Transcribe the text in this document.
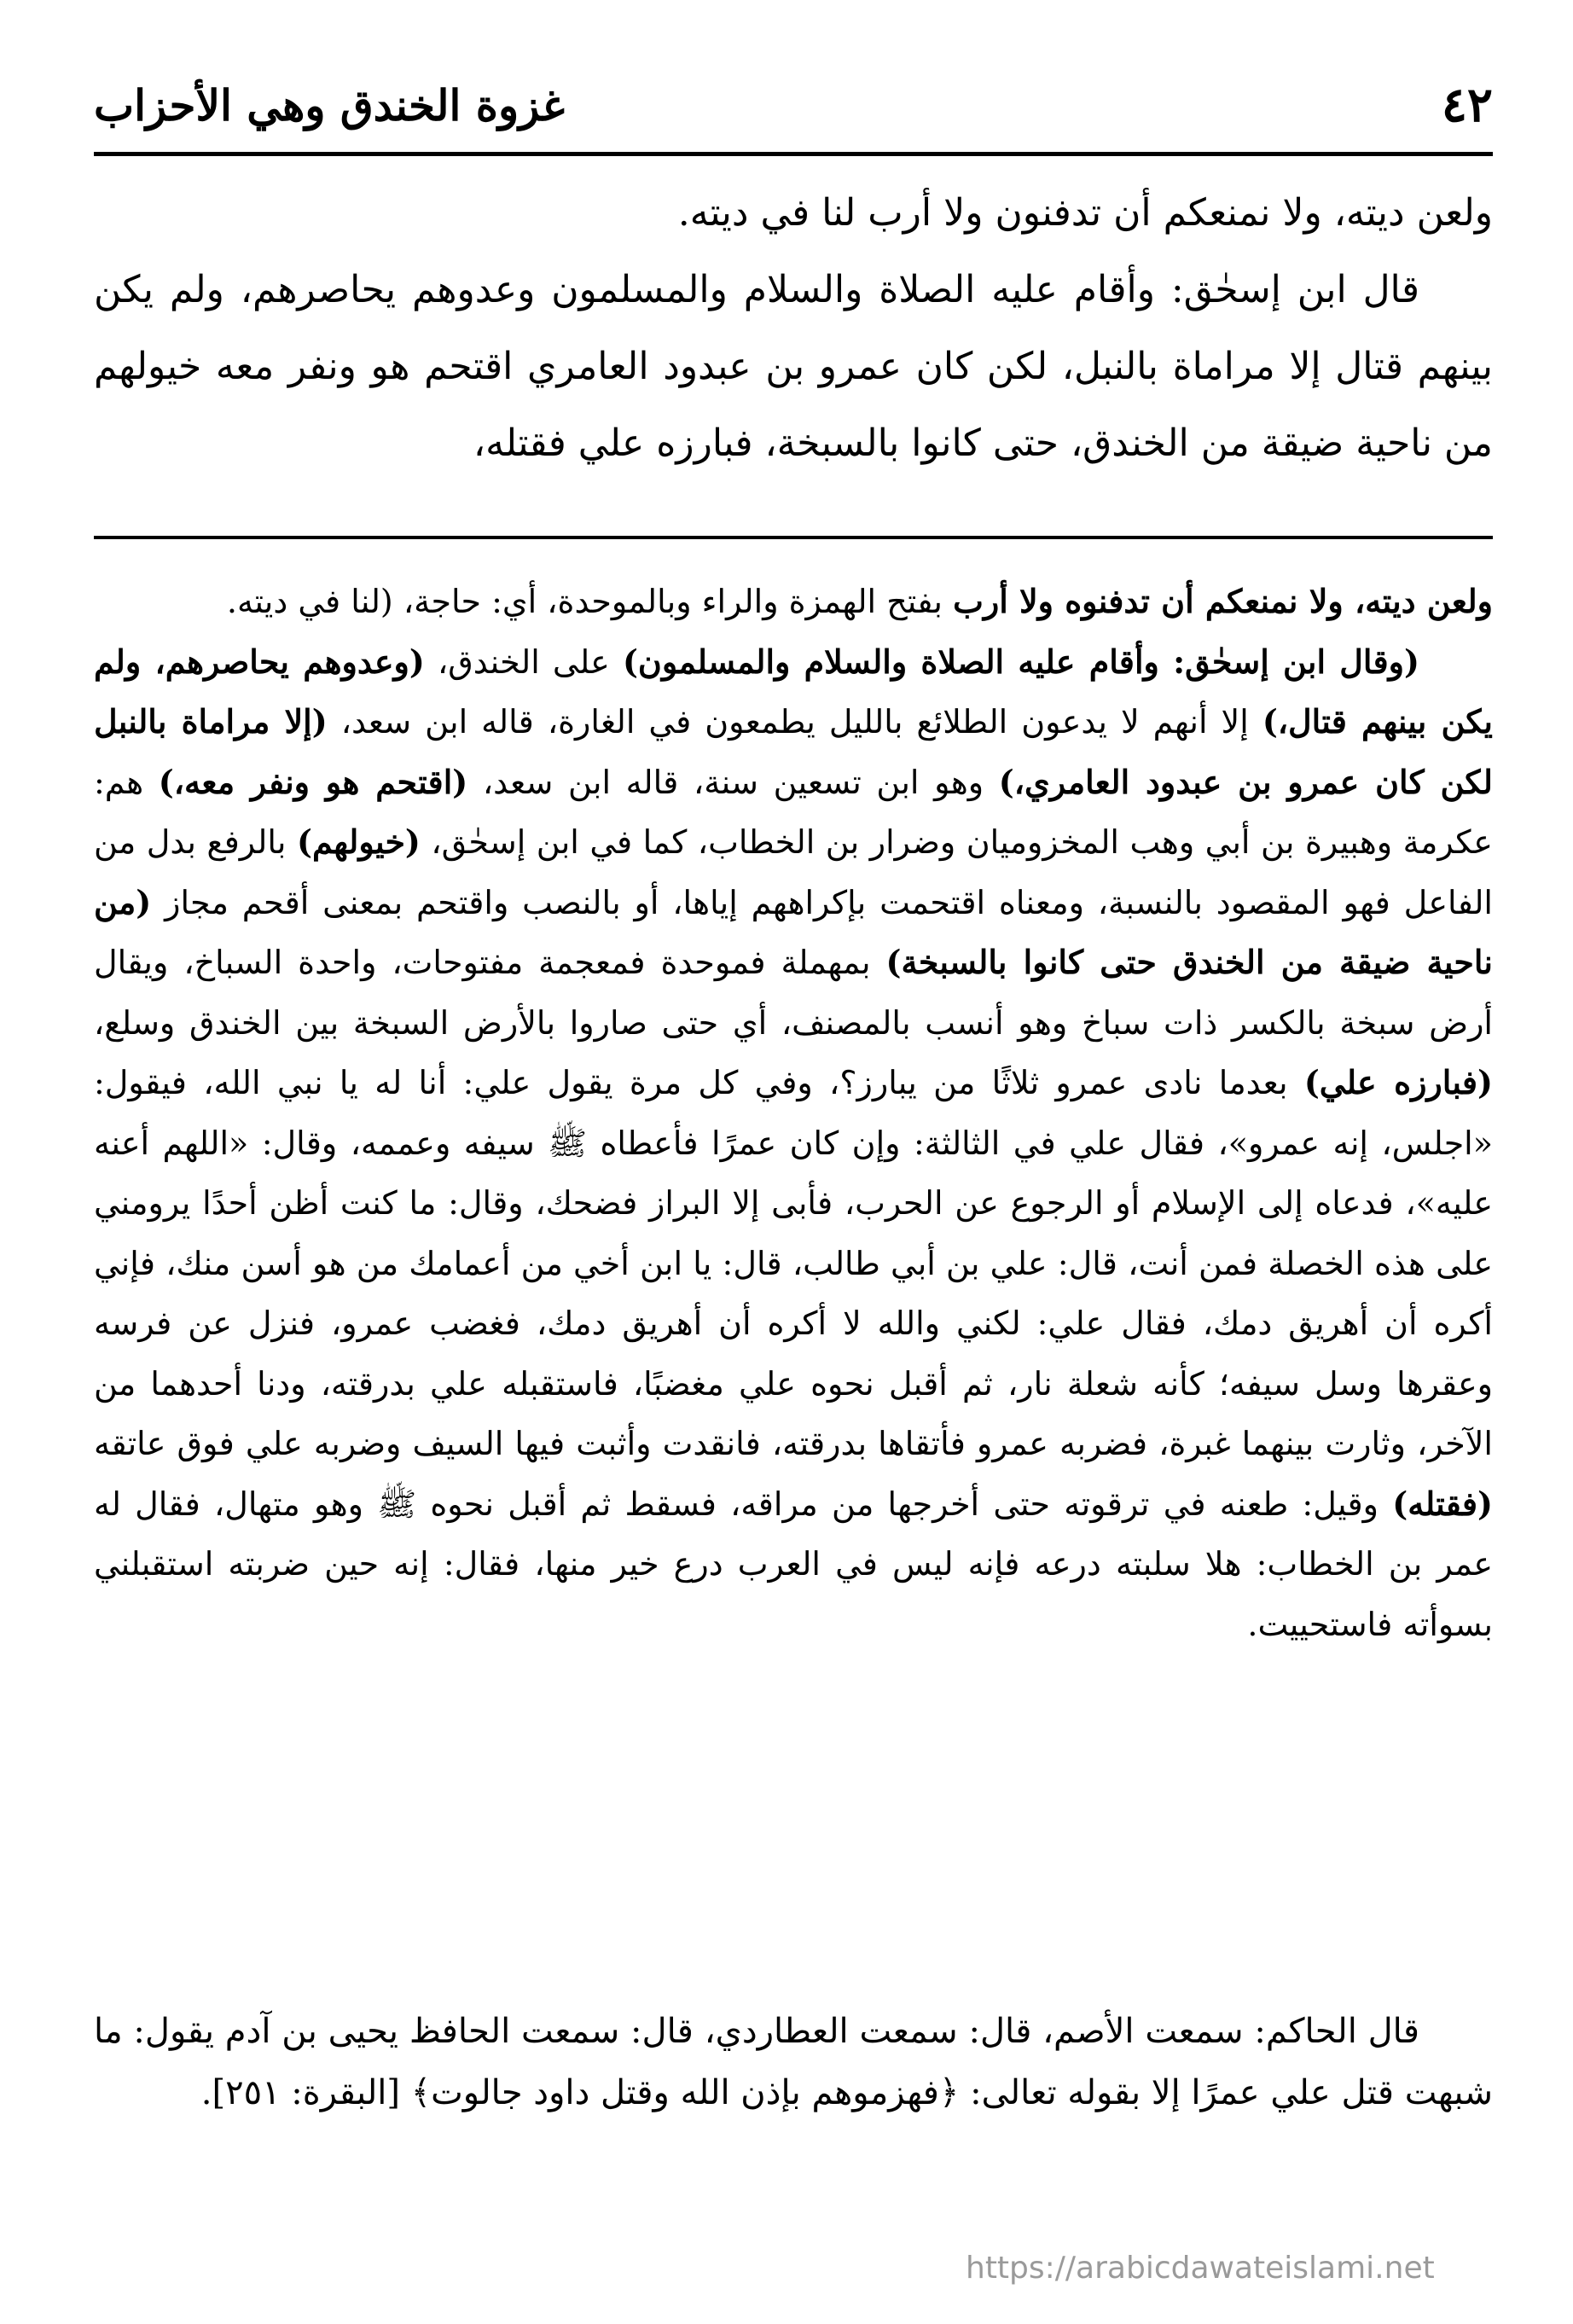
٤٢
غزوة الخندق وهي الأحزاب

ولعن ديته، ولا نمنعكم أن تدفنون ولا أرب لنا في ديته.

قال ابن إسحٰق: وأقام عليه الصلاة والسلام والمسلمون وعدوهم يحاصرهم، ولم يكن بينهم قتال إلا مراماة بالنبل، لكن كان عمرو بن عبدود العامري اقتحم هو ونفر معه خيولهم من ناحية ضيقة من الخندق، حتى كانوا بالسبخة، فبارزه علي فقتله،

ولعن ديته، ولا نمنعكم أن تدفنوه ولا أرب بفتح الهمزة والراء وبالموحدة، أي: حاجة، (لنا في ديته.

(وقال ابن إسحٰق: وأقام عليه الصلاة والسلام والمسلمون) على الخندق، (وعدوهم يحاصرهم، ولم يكن بينهم قتال،) إلا أنهم لا يدعون الطلائع بالليل يطمعون في الغارة، قاله ابن سعد، (إلا مراماة بالنبل لكن كان عمرو بن عبدود العامري،) وهو ابن تسعين سنة، قاله ابن سعد، (اقتحم هو ونفر معه،) هم: عكرمة وهبيرة بن أبي وهب المخزوميان وضرار بن الخطاب، كما في ابن إسحٰق، (خيولهم) بالرفع بدل من الفاعل فهو المقصود بالنسبة، ومعناه اقتحمت بإكراههم إياها، أو بالنصب واقتحم بمعنى أقحم مجاز (من ناحية ضيقة من الخندق حتى كانوا بالسبخة) بمهملة فموحدة فمعجمة مفتوحات، واحدة السباخ، ويقال أرض سبخة بالكسر ذات سباخ وهو أنسب بالمصنف، أي حتى صاروا بالأرض السبخة بين الخندق وسلع، (فبارزه علي) بعدما نادى عمرو ثلاثًا من يبارز؟، وفي كل مرة يقول علي: أنا له يا نبي الله، فيقول: «اجلس، إنه عمرو»، فقال علي في الثالثة: وإن كان عمرًا فأعطاه ﷺ سيفه وعممه، وقال: «اللهم أعنه عليه»، فدعاه إلى الإسلام أو الرجوع عن الحرب، فأبى إلا البراز فضحك، وقال: ما كنت أظن أحدًا يرومني على هذه الخصلة فمن أنت، قال: علي بن أبي طالب، قال: يا ابن أخي من أعمامك من هو أسن منك، فإني أكره أن أهريق دمك، فقال علي: لكني والله لا أكره أن أهريق دمك، فغضب عمرو، فنزل عن فرسه وعقرها وسل سيفه؛ كأنه شعلة نار، ثم أقبل نحوه علي مغضبًا، فاستقبله علي بدرقته، ودنا أحدهما من الآخر، وثارت بينهما غبرة، فضربه عمرو فأتقاها بدرقته، فانقدت وأثبت فيها السيف وضربه علي فوق عاتقه (فقتله) وقيل: طعنه في ترقوته حتى أخرجها من مراقه، فسقط ثم أقبل نحوه ﷺ وهو متهال، فقال له عمر بن الخطاب: هلا سلبته درعه فإنه ليس في العرب درع خير منها، فقال: إنه حين ضربته استقبلني بسوأته فاستحييت.

قال الحاكم: سمعت الأصم، قال: سمعت العطاردي، قال: سمعت الحافظ يحيى بن آدم يقول: ما شبهت قتل علي عمرًا إلا بقوله تعالى: ﴿فهزموهم بإذن الله وقتل داود جالوت﴾ [البقرة: ٢٥١].

https://arabicdawateislami.net
